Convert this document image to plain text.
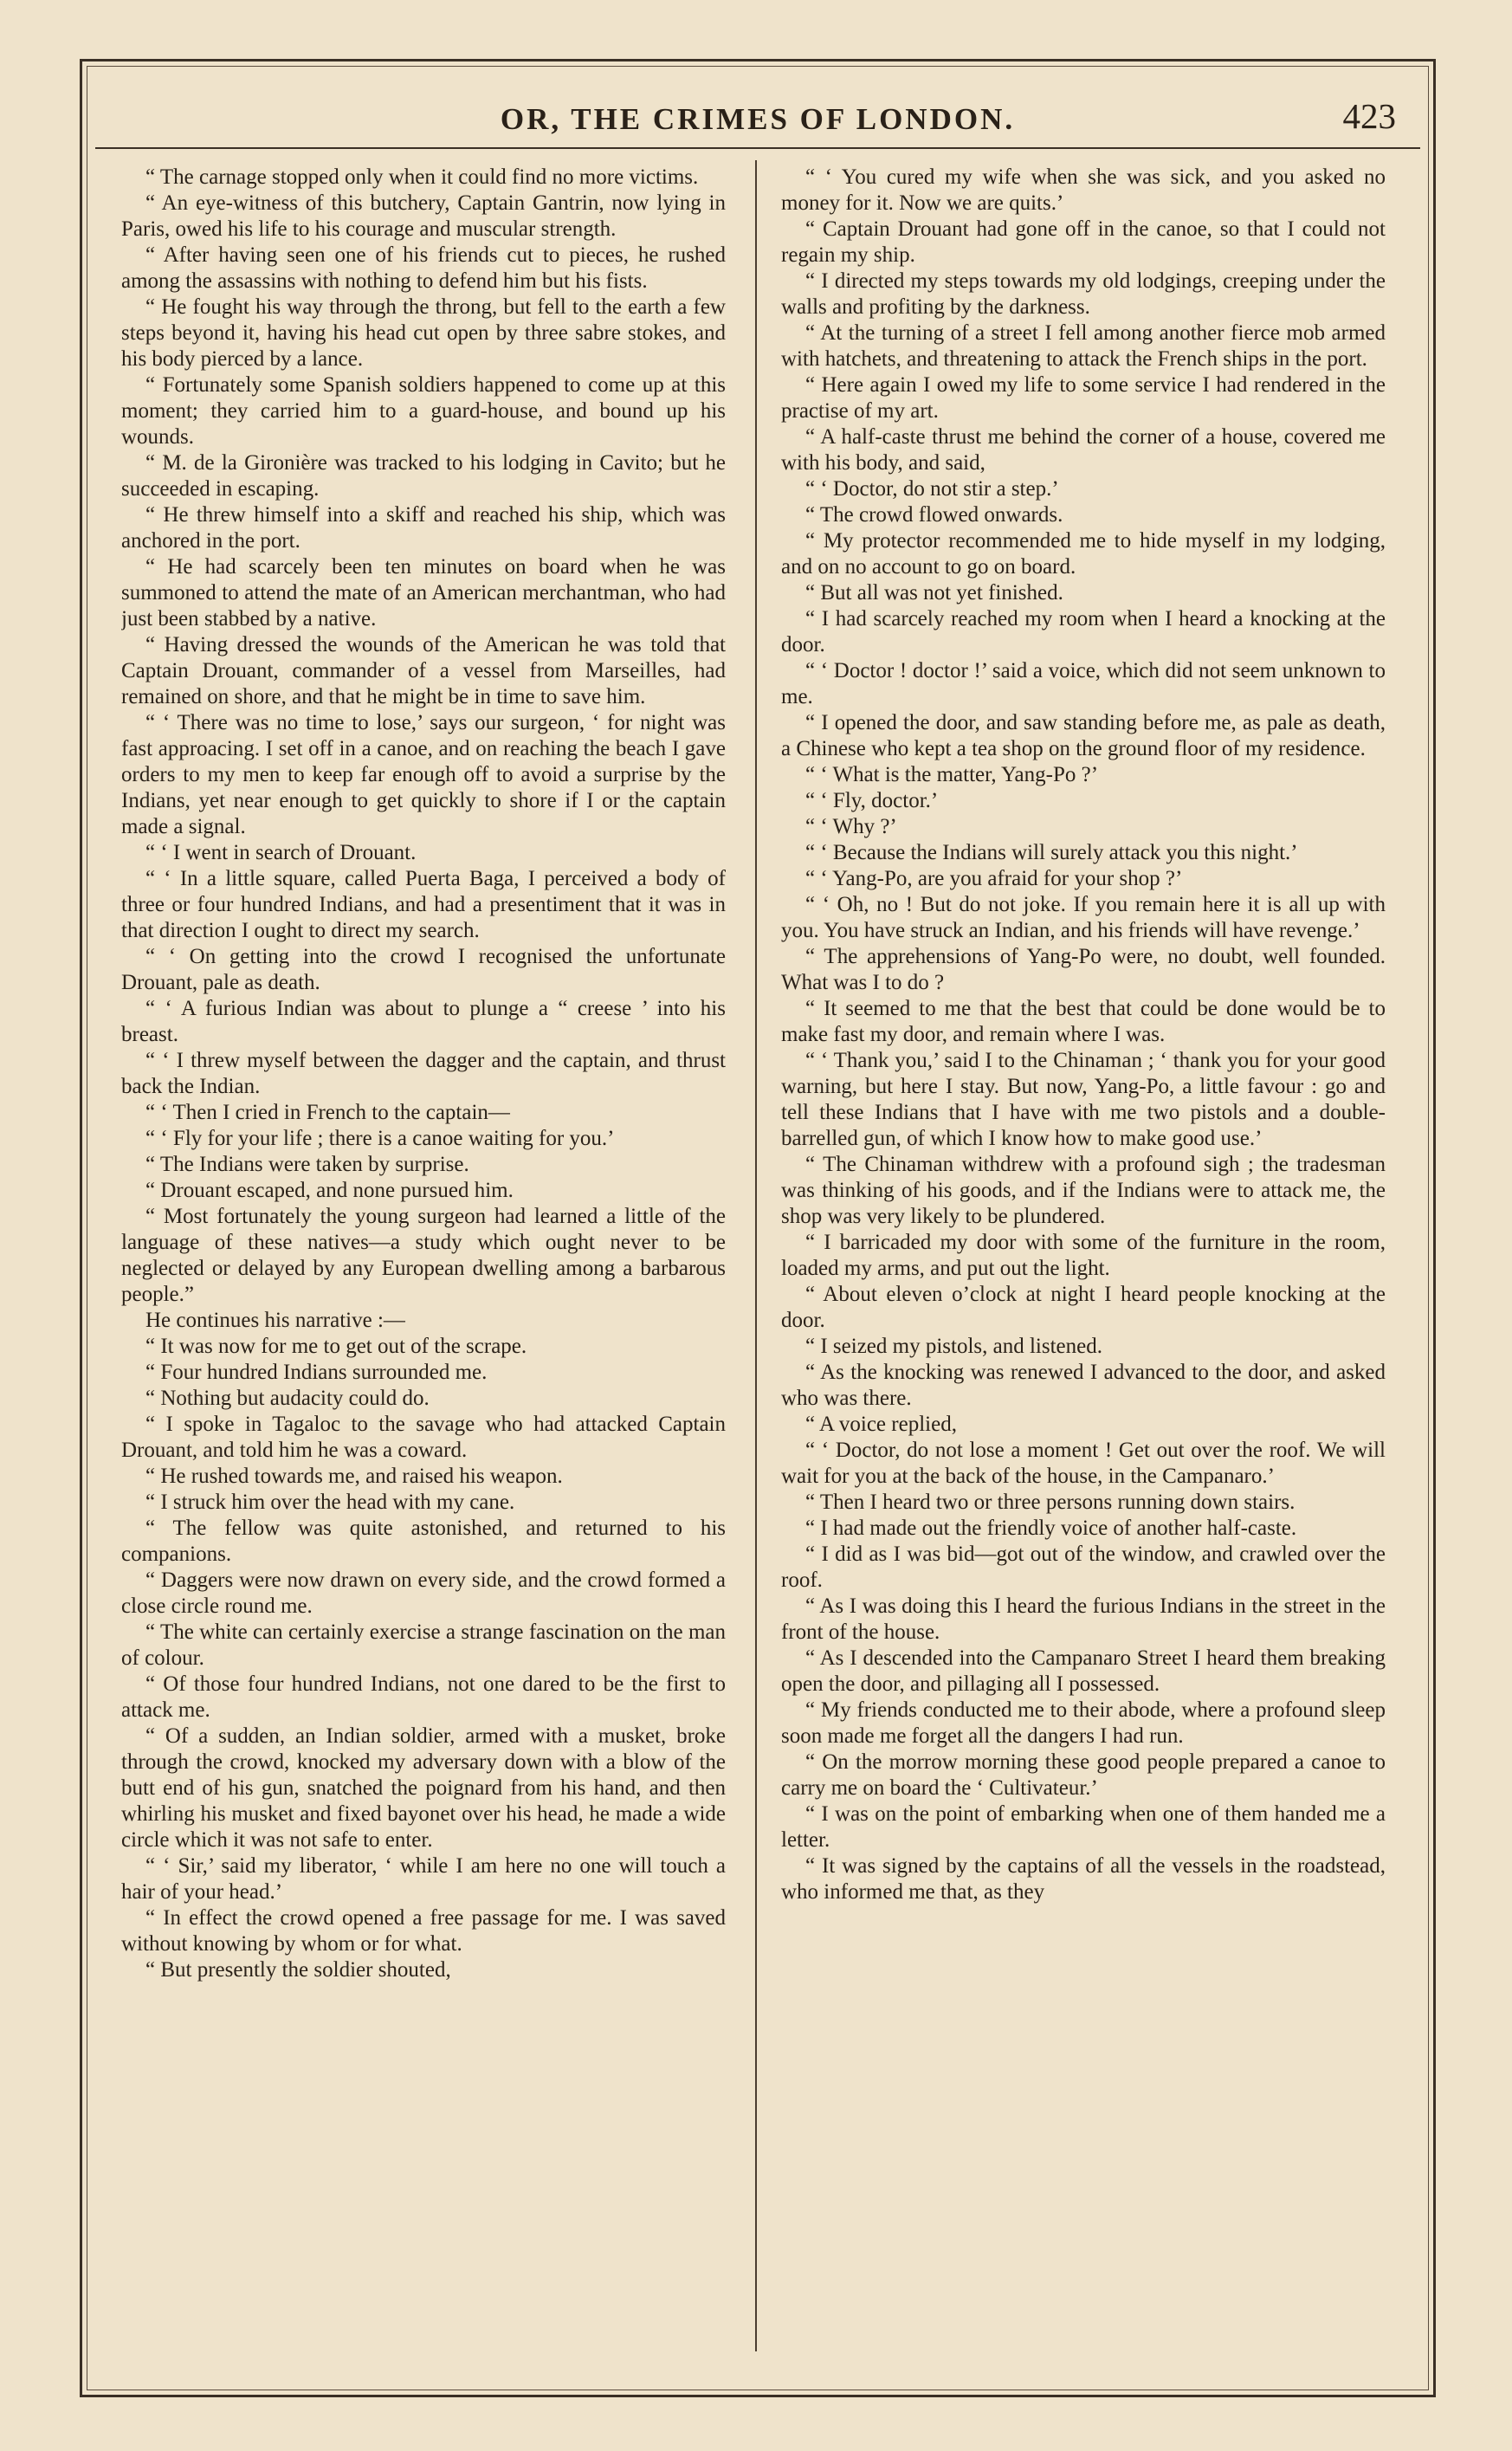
OR, THE CRIMES OF LONDON.	423

“ The carnage stopped only when it could find no more victims.

“ An eye-witness of this butchery, Captain Gantrin, now lying in Paris, owed his life to his courage and muscular strength.

“ After having seen one of his friends cut to pieces, he rushed among the assassins with nothing to defend him but his fists.

“ He fought his way through the throng, but fell to the earth a few steps beyond it, having his head cut open by three sabre stokes, and his body pierced by a lance.

“ Fortunately some Spanish soldiers happened to come up at this moment; they carried him to a guard-house, and bound up his wounds.

“ M. de la Gironière was tracked to his lodging in Cavito; but he succeeded in escaping.

“ He threw himself into a skiff and reached his ship, which was anchored in the port.

“ He had scarcely been ten minutes on board when he was summoned to attend the mate of an American merchantman, who had just been stabbed by a native.

“ Having dressed the wounds of the American he was told that Captain Drouant, commander of a vessel from Marseilles, had remained on shore, and that he might be in time to save him.

“ ‘ There was no time to lose,’ says our surgeon, ‘ for night was fast approacing. I set off in a canoe, and on reaching the beach I gave orders to my men to keep far enough off to avoid a surprise by the Indians, yet near enough to get quickly to shore if I or the captain made a signal.

“ ‘ I went in search of Drouant.

“ ‘ In a little square, called Puerta Baga, I perceived a body of three or four hundred Indians, and had a presentiment that it was in that direction I ought to direct my search.

“ ‘ On getting into the crowd I recognised the unfortunate Drouant, pale as death.

“ ‘ A furious Indian was about to plunge a “ creese ’ into his breast.

“ ‘ I threw myself between the dagger and the captain, and thrust back the Indian.

“ ‘ Then I cried in French to the captain—

“ ‘ Fly for your life ; there is a canoe waiting for you.’

“ The Indians were taken by surprise.

“ Drouant escaped, and none pursued him.

“ Most fortunately the young surgeon had learned a little of the language of these natives—a study which ought never to be neglected or delayed by any European dwelling among a barbarous people.”

He continues his narrative :—

“ It was now for me to get out of the scrape.

“ Four hundred Indians surrounded me.

“ Nothing but audacity could do.

“ I spoke in Tagaloc to the savage who had attacked Captain Drouant, and told him he was a coward.

“ He rushed towards me, and raised his weapon.

“ I struck him over the head with my cane.

“ The fellow was quite astonished, and returned to his companions.

“ Daggers were now drawn on every side, and the crowd formed a close circle round me.

“ The white can certainly exercise a strange fascination on the man of colour.

“ Of those four hundred Indians, not one dared to be the first to attack me.

“ Of a sudden, an Indian soldier, armed with a musket, broke through the crowd, knocked my adversary down with a blow of the butt end of his gun, snatched the poignard from his hand, and then whirling his musket and fixed bayonet over his head, he made a wide circle which it was not safe to enter.

“ ‘ Sir,’ said my liberator, ‘ while I am here no one will touch a hair of your head.’

“ In effect the crowd opened a free passage for me. I was saved without knowing by whom or for what.

“ But presently the soldier shouted,

“ ‘ You cured my wife when she was sick, and you asked no money for it. Now we are quits.’

“ Captain Drouant had gone off in the canoe, so that I could not regain my ship.

“ I directed my steps towards my old lodgings, creeping under the walls and profiting by the darkness.

“ At the turning of a street I fell among another fierce mob armed with hatchets, and threatening to attack the French ships in the port.

“ Here again I owed my life to some service I had rendered in the practise of my art.

“ A half-caste thrust me behind the corner of a house, covered me with his body, and said,

“ ‘ Doctor, do not stir a step.’

“ The crowd flowed onwards.

“ My protector recommended me to hide myself in my lodging, and on no account to go on board.

“ But all was not yet finished.

“ I had scarcely reached my room when I heard a knocking at the door.

“ ‘ Doctor ! doctor !’ said a voice, which did not seem unknown to me.

“ I opened the door, and saw standing before me, as pale as death, a Chinese who kept a tea shop on the ground floor of my residence.

“ ‘ What is the matter, Yang-Po ?’

“ ‘ Fly, doctor.’

“ ‘ Why ?’

“ ‘ Because the Indians will surely attack you this night.’

“ ‘ Yang-Po, are you afraid for your shop ?’

“ ‘ Oh, no ! But do not joke. If you remain here it is all up with you. You have struck an Indian, and his friends will have revenge.’

“ The apprehensions of Yang-Po were, no doubt, well founded. What was I to do ?

“ It seemed to me that the best that could be done would be to make fast my door, and remain where I was.

“ ‘ Thank you,’ said I to the Chinaman ; ‘ thank you for your good warning, but here I stay. But now, Yang-Po, a little favour : go and tell these Indians that I have with me two pistols and a double-barrelled gun, of which I know how to make good use.’

“ The Chinaman withdrew with a profound sigh ; the tradesman was thinking of his goods, and if the Indians were to attack me, the shop was very likely to be plundered.

“ I barricaded my door with some of the furniture in the room, loaded my arms, and put out the light.

“ About eleven o’clock at night I heard people knocking at the door.

“ I seized my pistols, and listened.

“ As the knocking was renewed I advanced to the door, and asked who was there.

“ A voice replied,

“ ‘ Doctor, do not lose a moment ! Get out over the roof. We will wait for you at the back of the house, in the Campanaro.’

“ Then I heard two or three persons running down stairs.

“ I had made out the friendly voice of another half-caste.

“ I did as I was bid—got out of the window, and crawled over the roof.

“ As I was doing this I heard the furious Indians in the street in the front of the house.

“ As I descended into the Campanaro Street I heard them breaking open the door, and pillaging all I possessed.

“ My friends conducted me to their abode, where a profound sleep soon made me forget all the dangers I had run.

“ On the morrow morning these good people prepared a canoe to carry me on board the ‘ Cultivateur.’

“ I was on the point of embarking when one of them handed me a letter.

“ It was signed by the captains of all the vessels in the roadstead, who informed me that, as they
